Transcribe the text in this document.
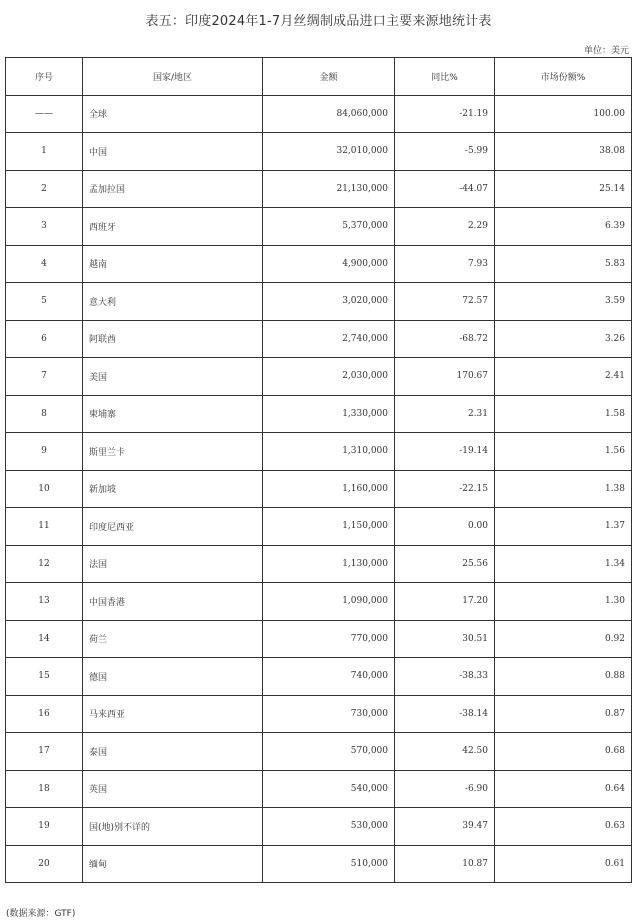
表五：印度2024年1-7月丝绸制成品进口主要来源地统计表
单位：美元
序号	国家/地区	金额	同比%	市场份额%
——	全球	84,060,000	-21.19	100.00
1	中国	32,010,000	-5.99	38.08
2	孟加拉国	21,130,000	-44.07	25.14
3	西班牙	5,370,000	2.29	6.39
4	越南	4,900,000	7.93	5.83
5	意大利	3,020,000	72.57	3.59
6	阿联酋	2,740,000	-68.72	3.26
7	美国	2,030,000	170.67	2.41
8	柬埔寨	1,330,000	2.31	1.58
9	斯里兰卡	1,310,000	-19.14	1.56
10	新加坡	1,160,000	-22.15	1.38
11	印度尼西亚	1,150,000	0.00	1.37
12	法国	1,130,000	25.56	1.34
13	中国香港	1,090,000	17.20	1.30
14	荷兰	770,000	30.51	0.92
15	德国	740,000	-38.33	0.88
16	马来西亚	730,000	-38.14	0.87
17	泰国	570,000	42.50	0.68
18	英国	540,000	-6.90	0.64
19	国(地)别不详的	530,000	39.47	0.63
20	缅甸	510,000	10.87	0.61
(数据来源：GTF)
